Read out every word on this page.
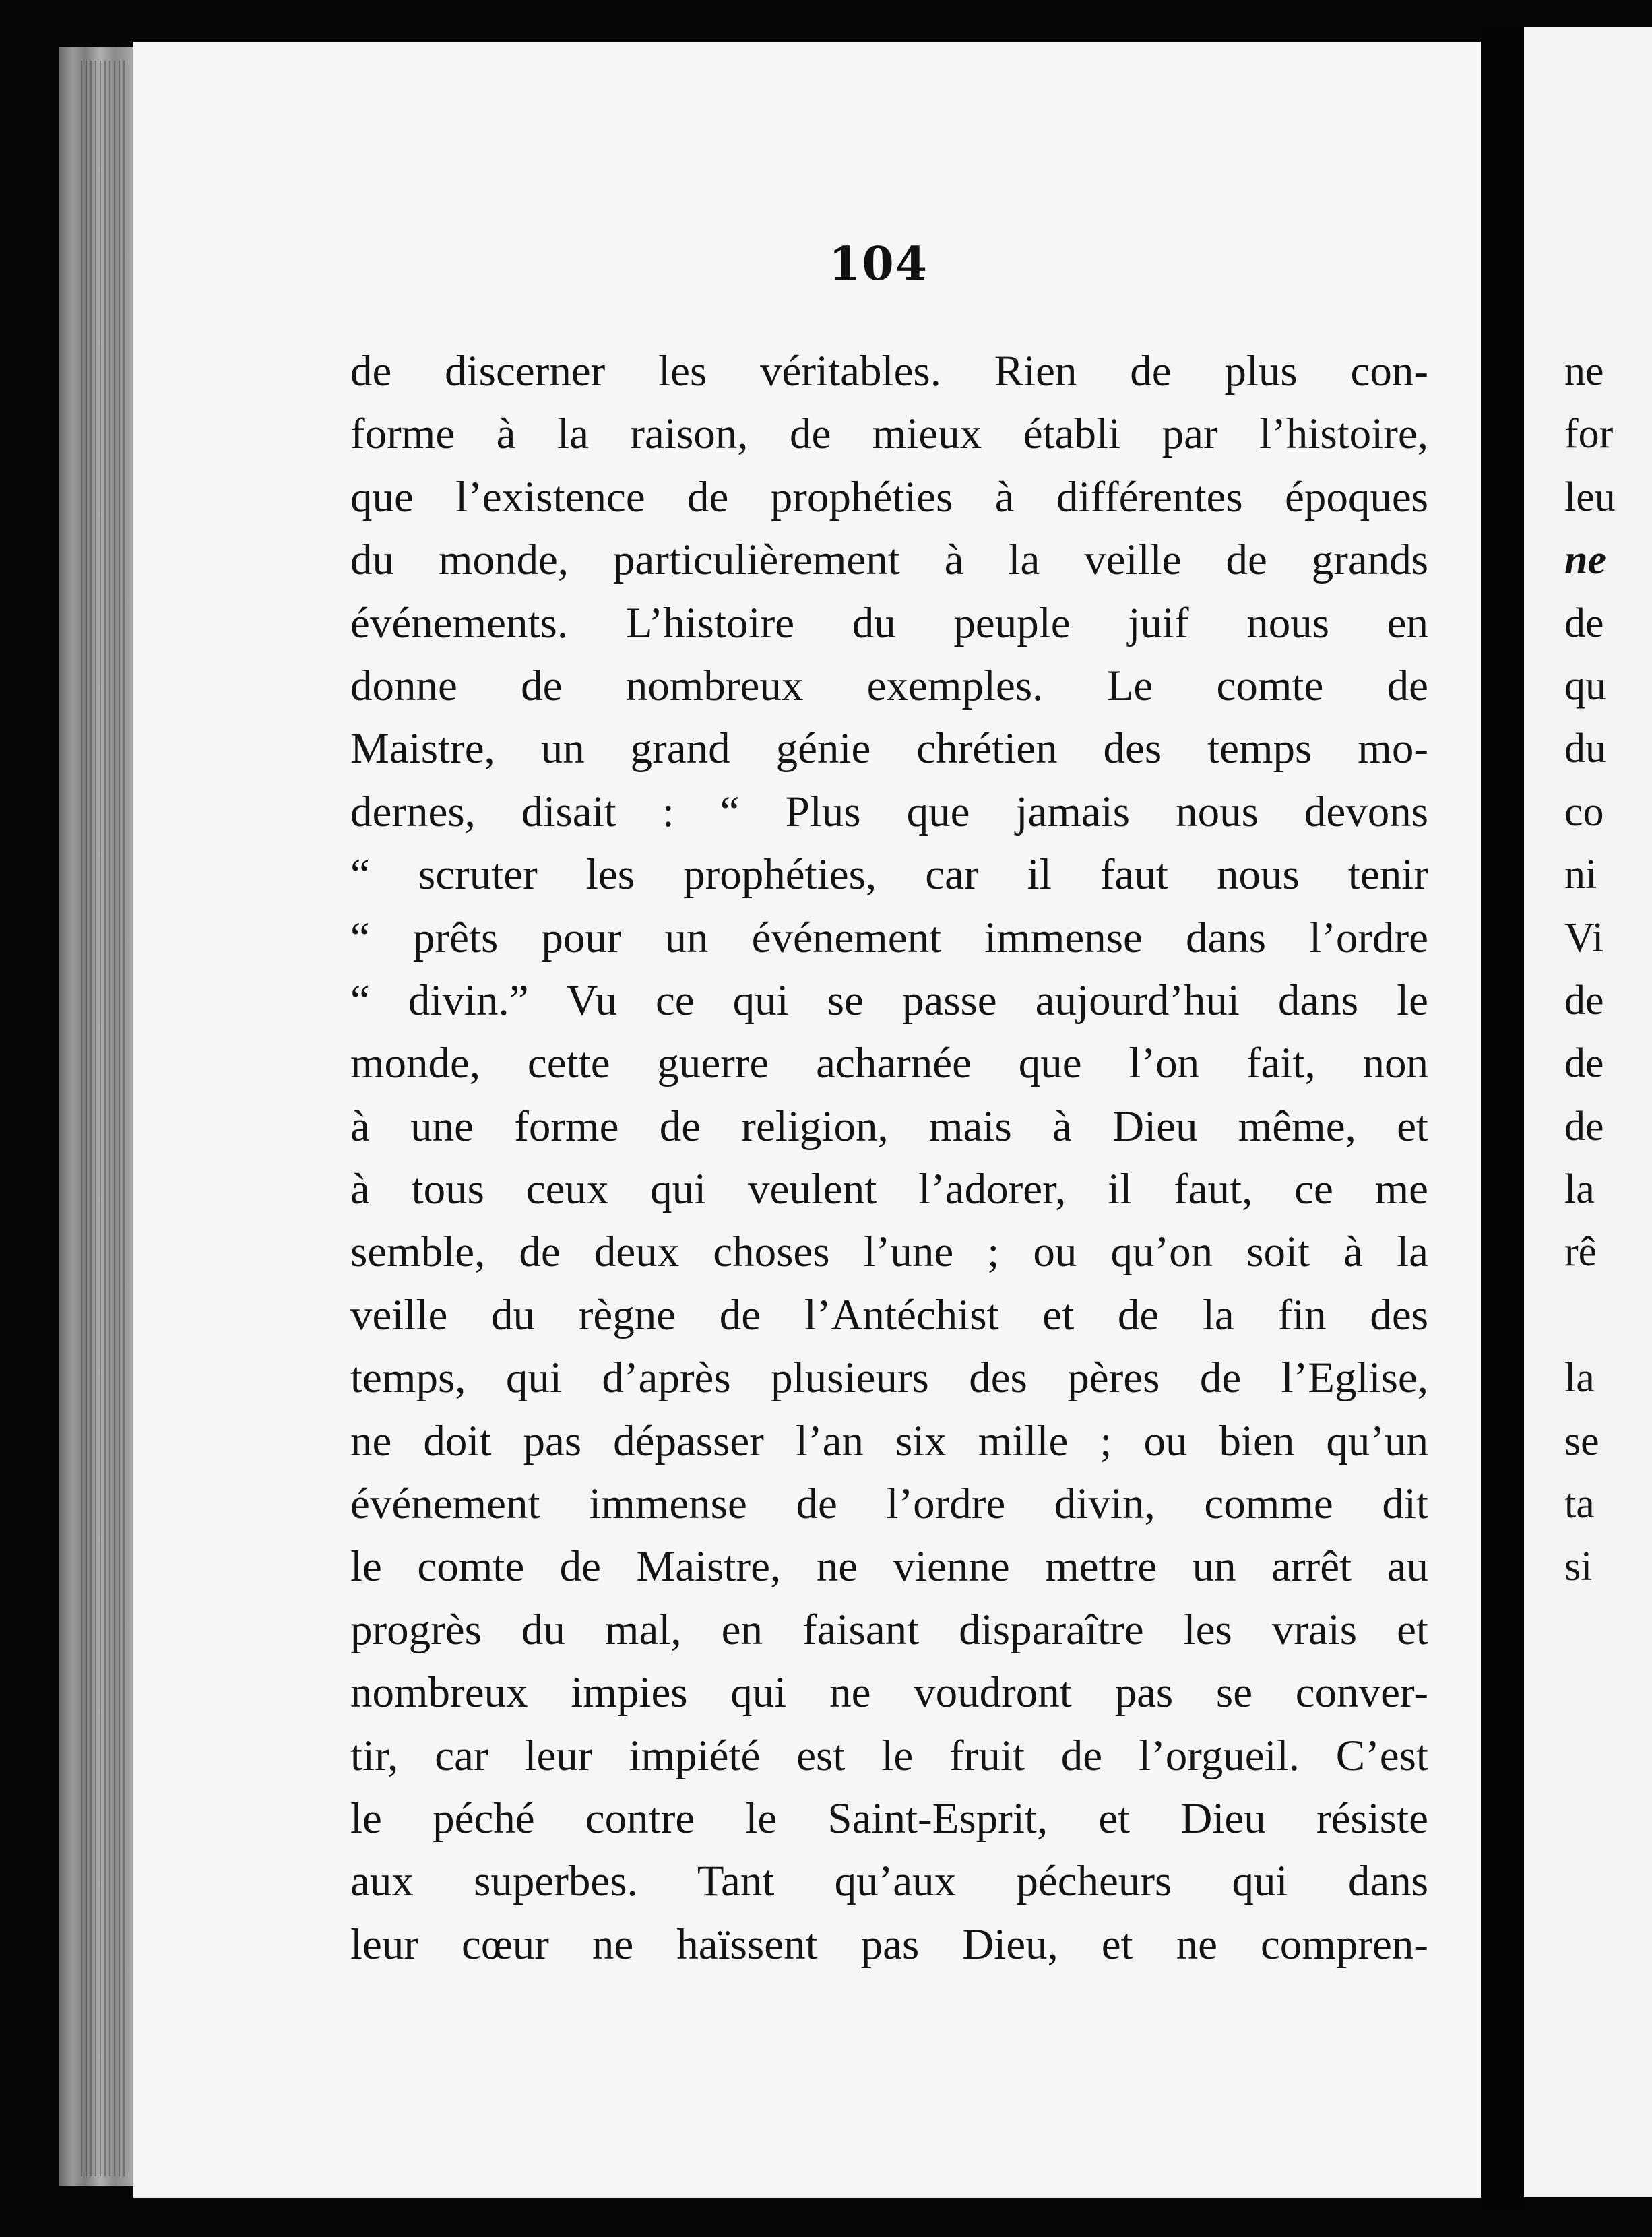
104
de discerner les véritables. Rien de plus con-
forme à la raison, de mieux établi par l’histoire,
que l’existence de prophéties à différentes époques
du monde, particulièrement à la veille de grands
événements. L’histoire du peuple juif nous en
donne de nombreux exemples. Le comte de
Maistre, un grand génie chrétien des temps mo-
dernes, disait : “ Plus que jamais nous devons
“ scruter les prophéties, car il faut nous tenir
“ prêts pour un événement immense dans l’ordre
“ divin.” Vu ce qui se passe aujourd’hui dans le
monde, cette guerre acharnée que l’on fait, non
à une forme de religion, mais à Dieu même, et
à tous ceux qui veulent l’adorer, il faut, ce me
semble, de deux choses l’une ; ou qu’on soit à la
veille du règne de l’Antéchist et de la fin des
temps, qui d’après plusieurs des pères de l’Eglise,
ne doit pas dépasser l’an six mille ; ou bien qu’un
événement immense de l’ordre divin, comme dit
le comte de Maistre, ne vienne mettre un arrêt au
progrès du mal, en faisant disparaître les vrais et
nombreux impies qui ne voudront pas se conver-
tir, car leur impiété est le fruit de l’orgueil. C’est
le péché contre le Saint-Esprit, et Dieu résiste
aux superbes. Tant qu’aux pécheurs qui dans
leur cœur ne haïssent pas Dieu, et ne compren-
ne
for
leu
ne
de
qu
du
co
ni
Vi
de
de
de
la
rê
la
se
ta
si
